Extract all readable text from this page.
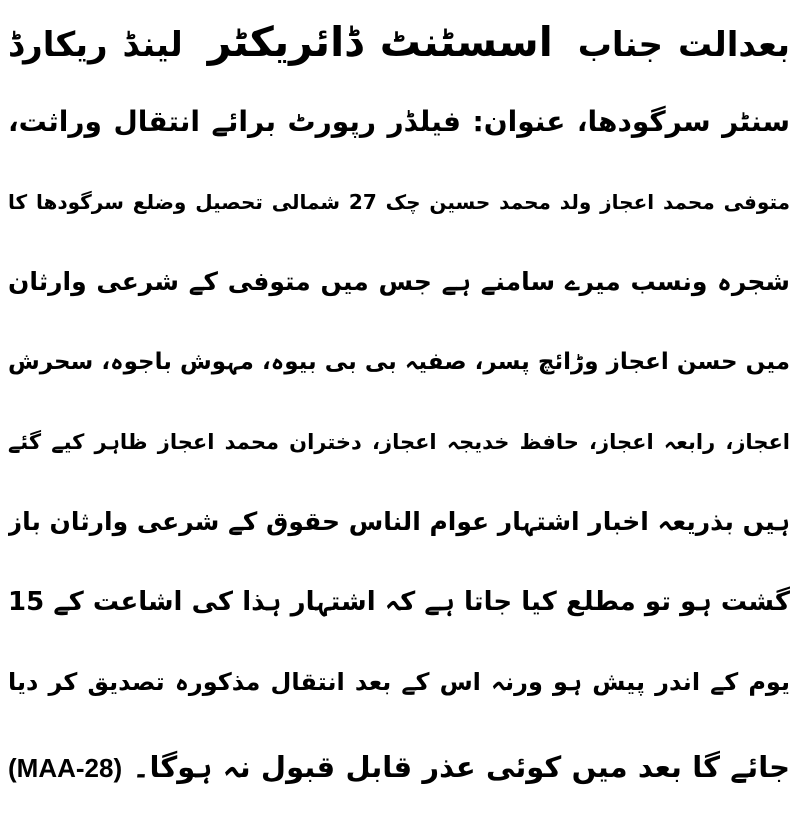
بعدالت جناب اسسٹنٹ ڈائریکٹر لینڈ ریکارڈ
سنٹر سرگودھا، عنوان: فیلڈر رپورٹ برائے انتقال وراثت،
متوفی محمد اعجاز ولد محمد حسین چک 27 شمالی تحصیل وضلع سرگودھا کا
شجرہ ونسب میرے سامنے ہے جس میں متوفی کے شرعی وارثان
میں حسن اعجاز وڑائچ پسر، صفیہ بی بی بیوہ، مہوش باجوہ، سحرش
اعجاز، رابعہ اعجاز، حافظ خدیجہ اعجاز، دختران محمد اعجاز ظاہر کیے گئے
ہیں بذریعہ اخبار اشتہار عوام الناس حقوق کے شرعی وارثان باز
گشت ہو تو مطلع کیا جاتا ہے کہ اشتہار ہذا کی اشاعت کے 15
یوم کے اندر پیش ہو ورنہ اس کے بعد انتقال مذکورہ تصدیق کر دیا
جائے گا بعد میں کوئی عذر قابل قبول نہ ہوگا۔ (MAA-28)
